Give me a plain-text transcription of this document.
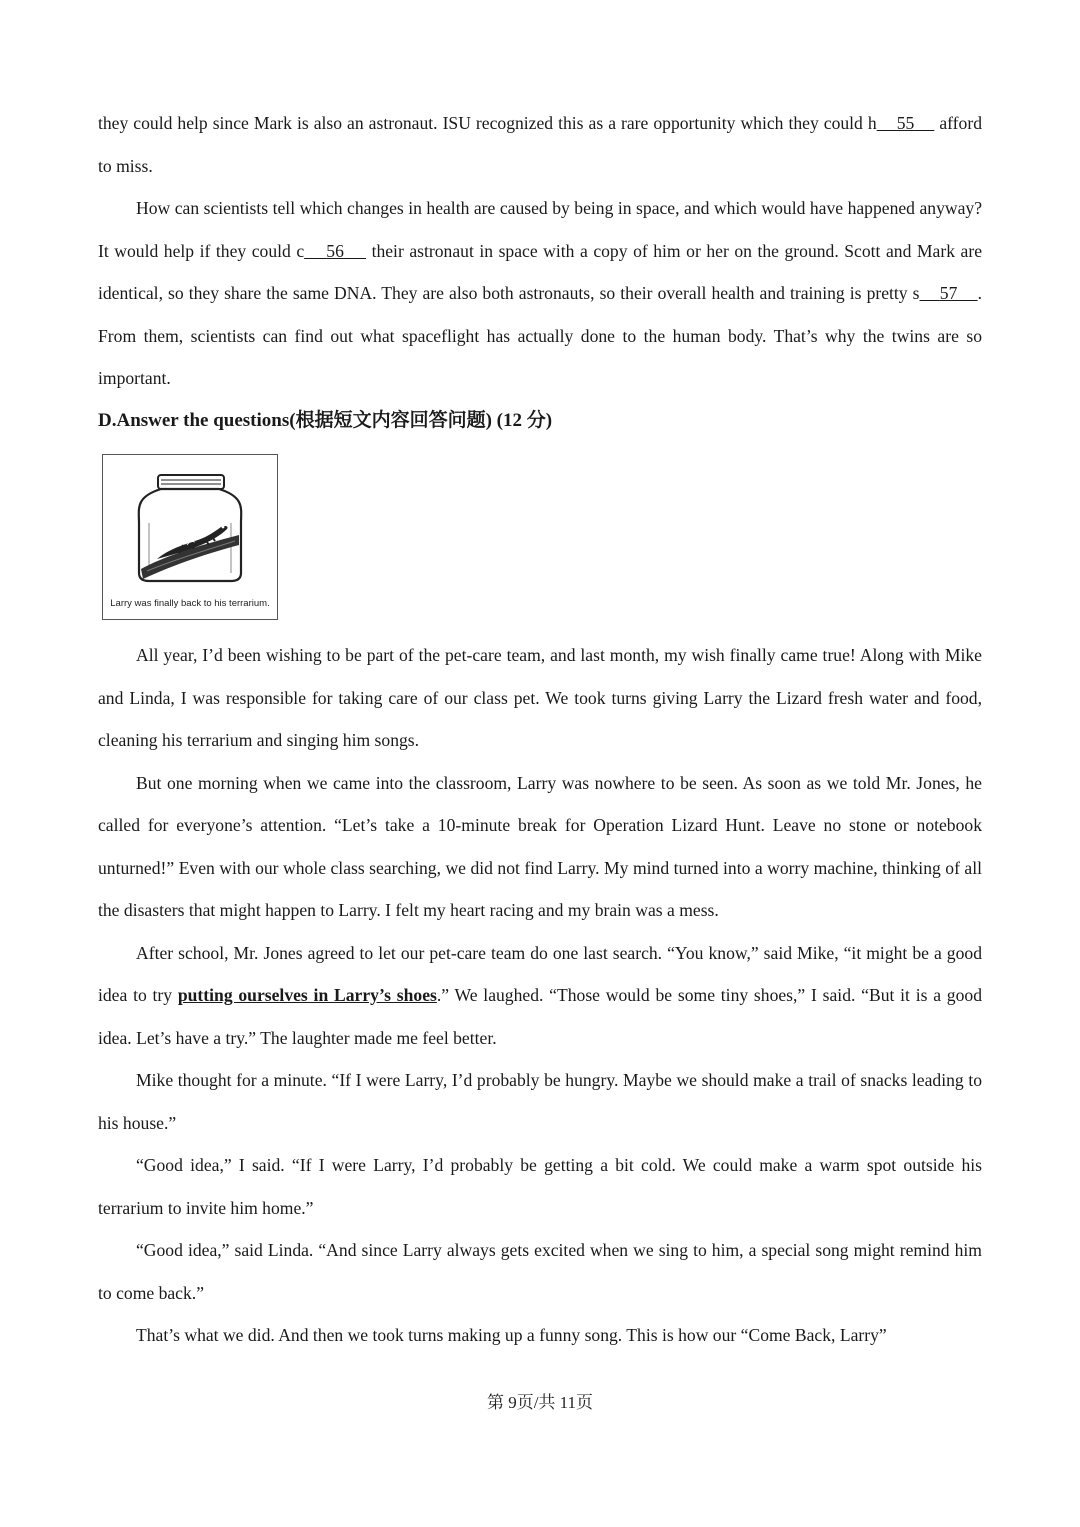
they could help since Mark is also an astronaut. ISU recognized this as a rare opportunity which they could h 55     afford to miss.

How can scientists tell which changes in health are caused by being in space, and which would have happened anyway? It would help if they could c 56     their astronaut in space with a copy of him or her on the ground. Scott and Mark are identical, so they share the same DNA. They are also both astronauts, so their overall health and training is pretty s 57 . From them, scientists can find out what spaceflight has actually done to the human body. That’s why the twins are so important.

D.Answer the questions(根据短文内容回答问题) (12 分)
Larry was finally back to his terrarium.

All year, I’d been wishing to be part of the pet-care team, and last month, my wish finally came true! Along with Mike and Linda, I was responsible for taking care of our class pet. We took turns giving Larry the Lizard fresh water and food, cleaning his terrarium and singing him songs.

But one morning when we came into the classroom, Larry was nowhere to be seen. As soon as we told Mr. Jones, he called for everyone’s attention. “Let’s take a 10-minute break for Operation Lizard Hunt. Leave no stone or notebook unturned!” Even with our whole class searching, we did not find Larry. My mind turned into a worry machine, thinking of all the disasters that might happen to Larry. I felt my heart racing and my brain was a mess.

After school, Mr. Jones agreed to let our pet-care team do one last search. “You know,” said Mike, “it might be a good idea to try putting ourselves in Larry’s shoes.” We laughed. “Those would be some tiny shoes,” I said. “But it is a good idea. Let’s have a try.” The laughter made me feel better.

Mike thought for a minute. “If I were Larry, I’d probably be hungry. Maybe we should make a trail of snacks leading to his house.”

“Good idea,” I said. “If I were Larry, I’d probably be getting a bit cold. We could make a warm spot outside his terrarium to invite him home.”

“Good idea,” said Linda. “And since Larry always gets excited when we sing to him, a special song might remind him to come back.”

That’s what we did. And then we took turns making up a funny song. This is how our “Come Back, Larry”

第 9页/共 11页
